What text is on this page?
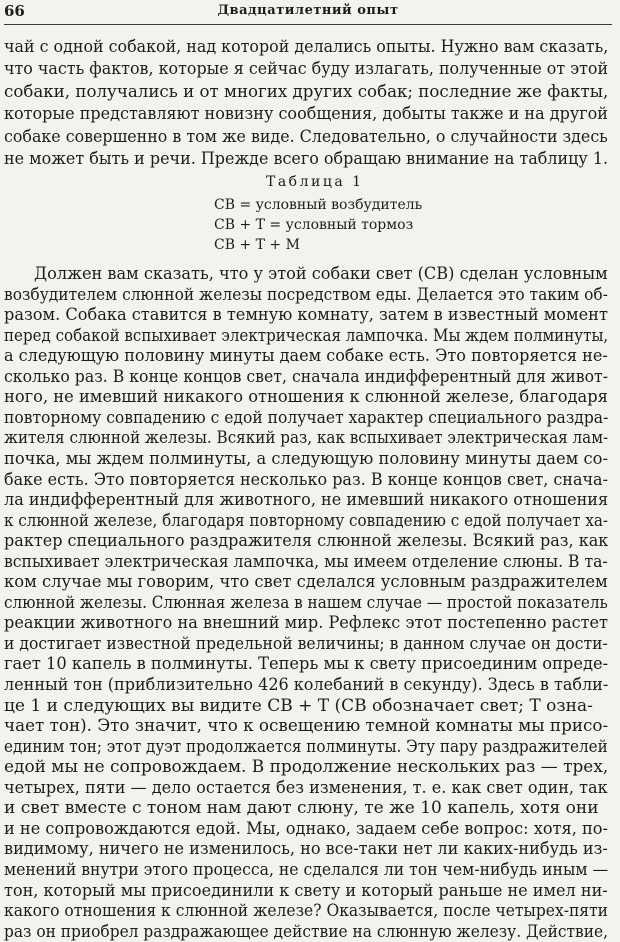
66	Двадцатилетний опыт
чай с одной собакой, над которой делались опыты. Нужно вам сказать,
что часть фактов, которые я сейчас буду излагать, полученные от этой
собаки, получались и от многих других собак; последние же факты,
которые представляют новизну сообщения, добыты также и на другой
собаке совершенно в том же виде. Следовательно, о случайности здесь
не может быть и речи. Прежде всего обращаю внимание на таблицу 1.
Таблица 1
СВ = условный возбудитель
СВ + Т = условный тормоз
СВ + Т + М
Должен вам сказать, что у этой собаки свет (СВ) сделан условным
возбудителем слюнной железы посредством еды. Делается это таким об-
разом. Собака ставится в темную комнату, затем в известный момент
перед собакой вспыхивает электрическая лампочка. Мы ждем полминуты,
а следующую половину минуты даем собаке есть. Это повторяется не-
сколько раз. В конце концов свет, сначала индифферентный для живот-
ного, не имевший никакого отношения к слюнной железе, благодаря
повторному совпадению с едой получает характер специального раздра-
жителя слюнной железы. Всякий раз, как вспыхивает электрическая лам-
почка, мы ждем полминуты, а следующую половину минуты даем со-
баке есть. Это повторяется несколько раз. В конце концов свет, снача-
ла индифферентный для животного, не имевший никакого отношения
к слюнной железе, благодаря повторному совпадению с едой получает ха-
рактер специального раздражителя слюнной железы. Всякий раз, как
вспыхивает электрическая лампочка, мы имеем отделение слюны. В та-
ком случае мы говорим, что свет сделался условным раздражителем
слюнной железы. Слюнная железа в нашем случае — простой показатель
реакции животного на внешний мир. Рефлекс этот постепенно растет
и достигает известной предельной величины; в данном случае он дости-
гает 10 капель в полминуты. Теперь мы к свету присоединим опреде-
ленный тон (приблизительно 426 колебаний в секунду). Здесь в табли-
це 1 и следующих вы видите СВ + Т (СВ обозначает свет; Т озна-
чает тон). Это значит, что к освещению темной комнаты мы присо-
единим тон; этот дуэт продолжается полминуты. Эту пару раздражителей
едой мы не сопровождаем. В продолжение нескольких раз — трех,
четырех, пяти — дело остается без изменения, т. е. как свет один, так
и свет вместе с тоном нам дают слюну, те же 10 капель, хотя они
и не сопровождаются едой. Мы, однако, задаем себе вопрос: хотя, по-
видимому, ничего не изменилось, но все-таки нет ли каких-нибудь из-
менений внутри этого процесса, не сделался ли тон чем-нибудь иным —
тон, который мы присоединили к свету и который раньше не имел ни-
какого отношения к слюнной железе? Оказывается, после четырех-пяти
раз он приобрел раздражающее действие на слюнную железу. Действие,
